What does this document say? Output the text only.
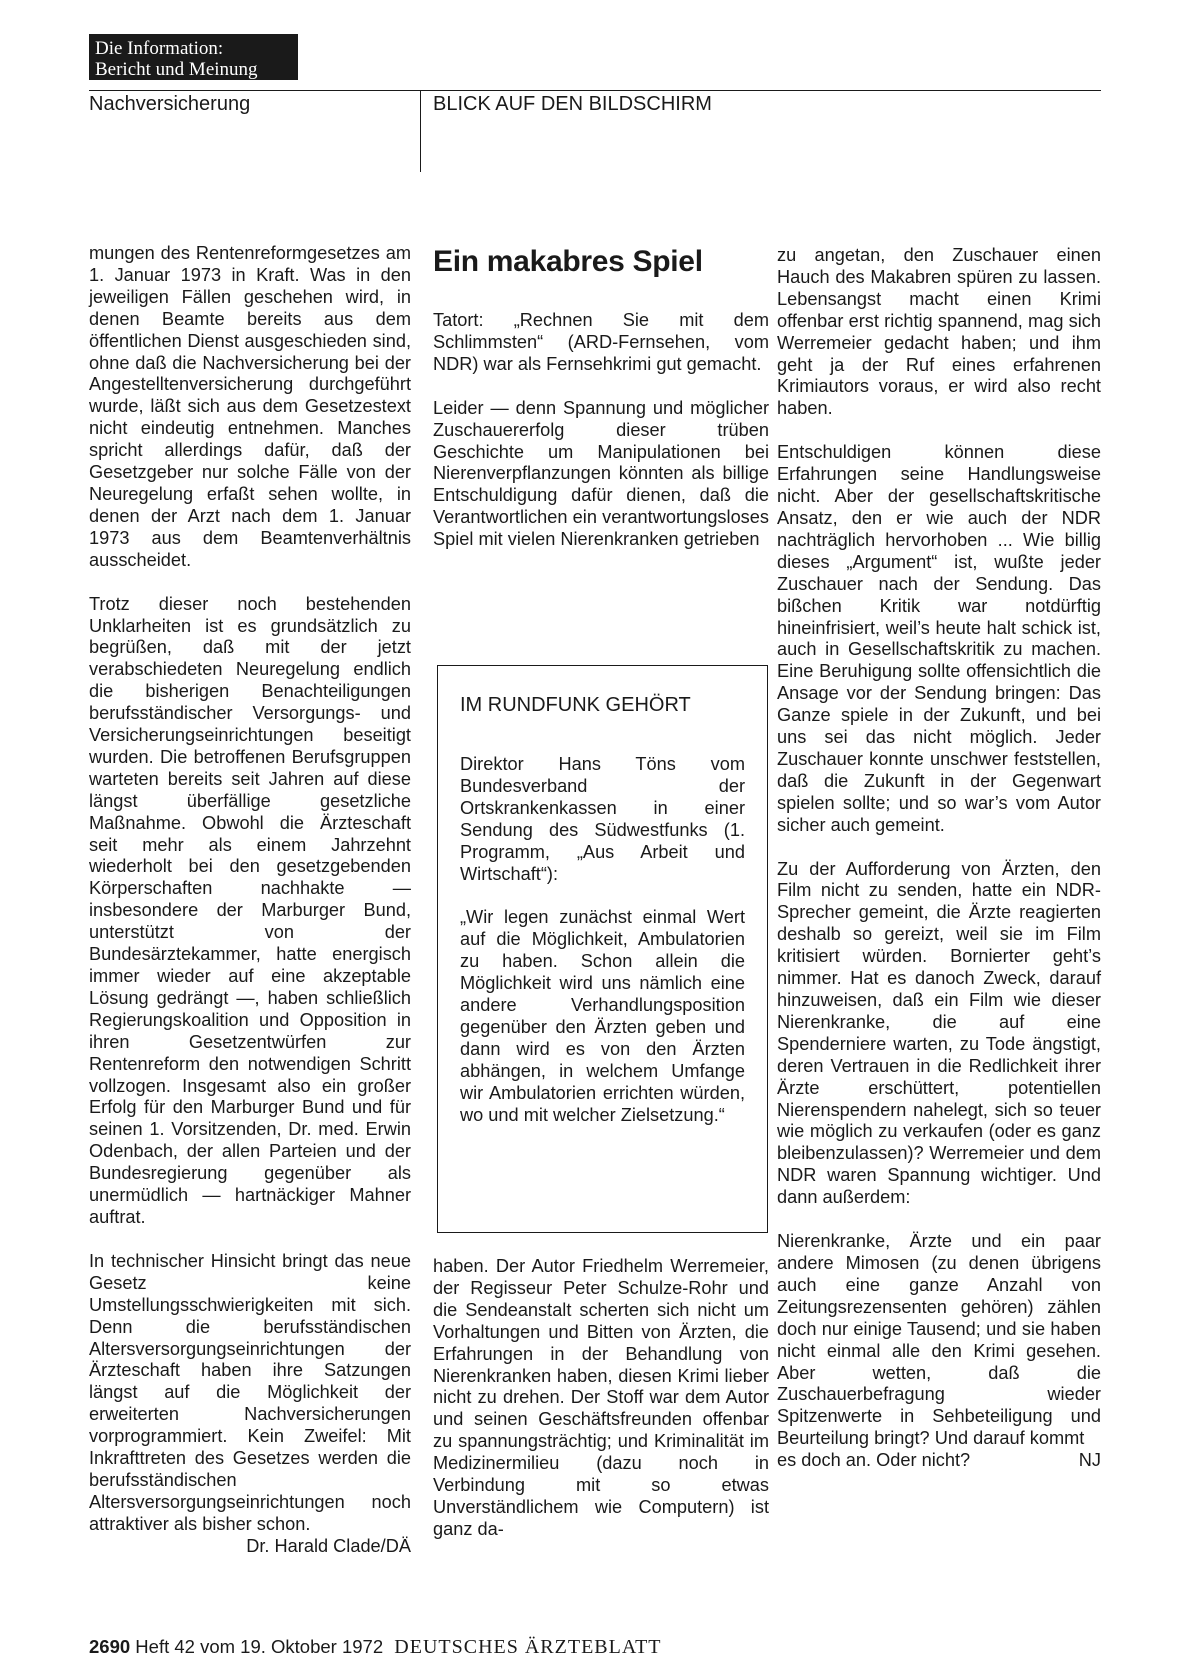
Die Information:
Bericht und Meinung
Nachversicherung	BLICK AUF DEN BILDSCHIRM

mungen des Rentenreformgesetzes am 1. Januar 1973 in Kraft. Was in den jeweiligen Fällen geschehen wird, in denen Beamte bereits aus dem öffentlichen Dienst ausgeschieden sind, ohne daß die Nachversicherung bei der Angestelltenversicherung durchgeführt wurde, läßt sich aus dem Gesetzestext nicht eindeutig entnehmen. Manches spricht allerdings dafür, daß der Gesetzgeber nur solche Fälle von der Neuregelung erfaßt sehen wollte, in denen der Arzt nach dem 1. Januar 1973 aus dem Beamtenverhältnis ausscheidet.

Trotz dieser noch bestehenden Unklarheiten ist es grundsätzlich zu begrüßen, daß mit der jetzt verabschiedeten Neuregelung endlich die bisherigen Benachteiligungen berufsständischer Versorgungs- und Versicherungseinrichtungen beseitigt wurden. Die betroffenen Berufsgruppen warteten bereits seit Jahren auf diese längst überfällige gesetzliche Maßnahme. Obwohl die Ärzteschaft seit mehr als einem Jahrzehnt wiederholt bei den gesetzgebenden Körperschaften nachhakte — insbesondere der Marburger Bund, unterstützt von der Bundesärztekammer, hatte energisch immer wieder auf eine akzeptable Lösung gedrängt —, haben schließlich Regierungskoalition und Opposition in ihren Gesetzentwürfen zur Rentenreform den notwendigen Schritt vollzogen. Insgesamt also ein großer Erfolg für den Marburger Bund und für seinen 1. Vorsitzenden, Dr. med. Erwin Odenbach, der allen Parteien und der Bundesregierung gegenüber als unermüdlich — hartnäckiger Mahner auftrat.

In technischer Hinsicht bringt das neue Gesetz keine Umstellungsschwierigkeiten mit sich. Denn die berufsständischen Altersversorgungseinrichtungen der Ärzteschaft haben ihre Satzungen längst auf die Möglichkeit der erweiterten Nachversicherungen vorprogrammiert. Kein Zweifel: Mit Inkrafttreten des Gesetzes werden die berufsständischen Altersversorgungseinrichtungen noch attraktiver als bisher schon.

Dr. Harald Clade/DÄ
Ein makabres Spiel

Tatort: „Rechnen Sie mit dem Schlimmsten“ (ARD-Fernsehen, vom NDR) war als Fernsehkrimi gut gemacht.

Leider — denn Spannung und möglicher Zuschauererfolg dieser trüben Geschichte um Manipulationen bei Nierenverpflanzungen könnten als billige Entschuldigung dafür dienen, daß die Verantwortlichen ein verantwortungsloses Spiel mit vielen Nierenkranken getrieben

IM RUNDFUNK GEHÖRT

Direktor Hans Töns vom Bundesverband der Ortskrankenkassen in einer Sendung des Südwestfunks (1. Programm, „Aus Arbeit und Wirtschaft“):

„Wir legen zunächst einmal Wert auf die Möglichkeit, Ambulatorien zu haben. Schon allein die Möglichkeit wird uns nämlich eine andere Verhandlungsposition gegenüber den Ärzten geben und dann wird es von den Ärzten abhängen, in welchem Umfange wir Ambulatorien errichten würden, wo und mit welcher Zielsetzung.“

haben. Der Autor Friedhelm Werremeier, der Regisseur Peter Schulze-Rohr und die Sendeanstalt scherten sich nicht um Vorhaltungen und Bitten von Ärzten, die Erfahrungen in der Behandlung von Nierenkranken haben, diesen Krimi lieber nicht zu drehen. Der Stoff war dem Autor und seinen Geschäftsfreunden offenbar zu spannungsträchtig; und Kriminalität im Medizinermilieu (dazu noch in Verbindung mit so etwas Unverständlichem wie Computern) ist ganz da-

zu angetan, den Zuschauer einen Hauch des Makabren spüren zu lassen. Lebensangst macht einen Krimi offenbar erst richtig spannend, mag sich Werremeier gedacht haben; und ihm geht ja der Ruf eines erfahrenen Krimiautors voraus, er wird also recht haben.

Entschuldigen können diese Erfahrungen seine Handlungsweise nicht. Aber der gesellschaftskritische Ansatz, den er wie auch der NDR nachträglich hervorhoben ... Wie billig dieses „Argument“ ist, wußte jeder Zuschauer nach der Sendung. Das bißchen Kritik war notdürftig hineinfrisiert, weil’s heute halt schick ist, auch in Gesellschaftskritik zu machen. Eine Beruhigung sollte offensichtlich die Ansage vor der Sendung bringen: Das Ganze spiele in der Zukunft, und bei uns sei das nicht möglich. Jeder Zuschauer konnte unschwer feststellen, daß die Zukunft in der Gegenwart spielen sollte; und so war’s vom Autor sicher auch gemeint.

Zu der Aufforderung von Ärzten, den Film nicht zu senden, hatte ein NDR-Sprecher gemeint, die Ärzte reagierten deshalb so gereizt, weil sie im Film kritisiert würden. Bornierter geht’s nimmer. Hat es danoch Zweck, darauf hinzuweisen, daß ein Film wie dieser Nierenkranke, die auf eine Spenderniere warten, zu Tode ängstigt, deren Vertrauen in die Redlichkeit ihrer Ärzte erschüttert, potentiellen Nierenspendern nahelegt, sich so teuer wie möglich zu verkaufen (oder es ganz bleibenzulassen)? Werremeier und dem NDR waren Spannung wichtiger. Und dann außerdem:

Nierenkranke, Ärzte und ein paar andere Mimosen (zu denen übrigens auch eine ganze Anzahl von Zeitungsrezensenten gehören) zählen doch nur einige Tausend; und sie haben nicht einmal alle den Krimi gesehen. Aber wetten, daß die Zuschauerbefragung wieder Spitzenwerte in Sehbeteiligung und Beurteilung bringt? Und darauf kommt

es doch an. Oder nicht?	NJ
2690 Heft 42 vom 19. Oktober 1972 DEUTSCHES ÄRZTEBLATT
